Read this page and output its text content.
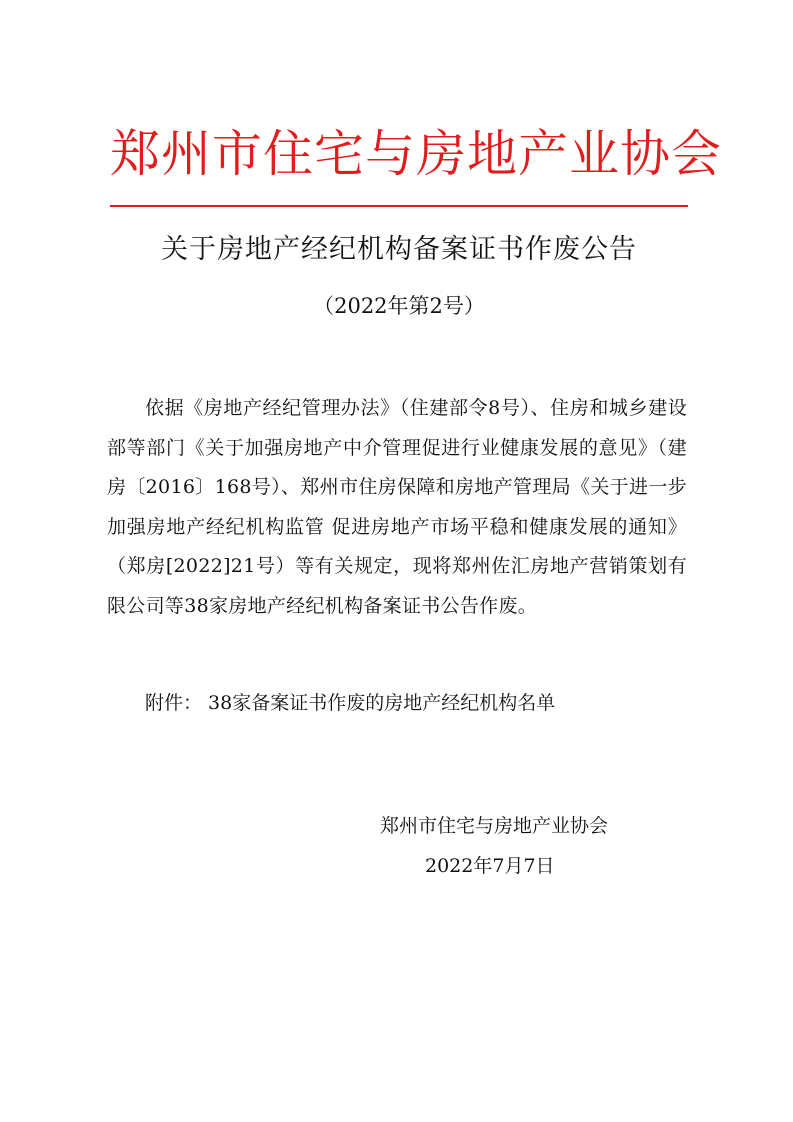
郑州市住宅与房地产业协会
关于房地产经纪机构备案证书作废公告
（2022年第2号）

依据《房地产经纪管理办法》（住建部令8号）、住房和城乡建设部等部门《关于加强房地产中介管理促进行业健康发展的意见》（建房〔2016〕168号）、郑州市住房保障和房地产管理局《关于进一步加强房地产经纪机构监管 促进房地产市场平稳和健康发展的通知》（郑房[2022]21号）等有关规定，现将郑州佐汇房地产营销策划有限公司等38家房地产经纪机构备案证书公告作废。

附件： 38家备案证书作废的房地产经纪机构名单

郑州市住宅与房地产业协会
2022年7月7日
